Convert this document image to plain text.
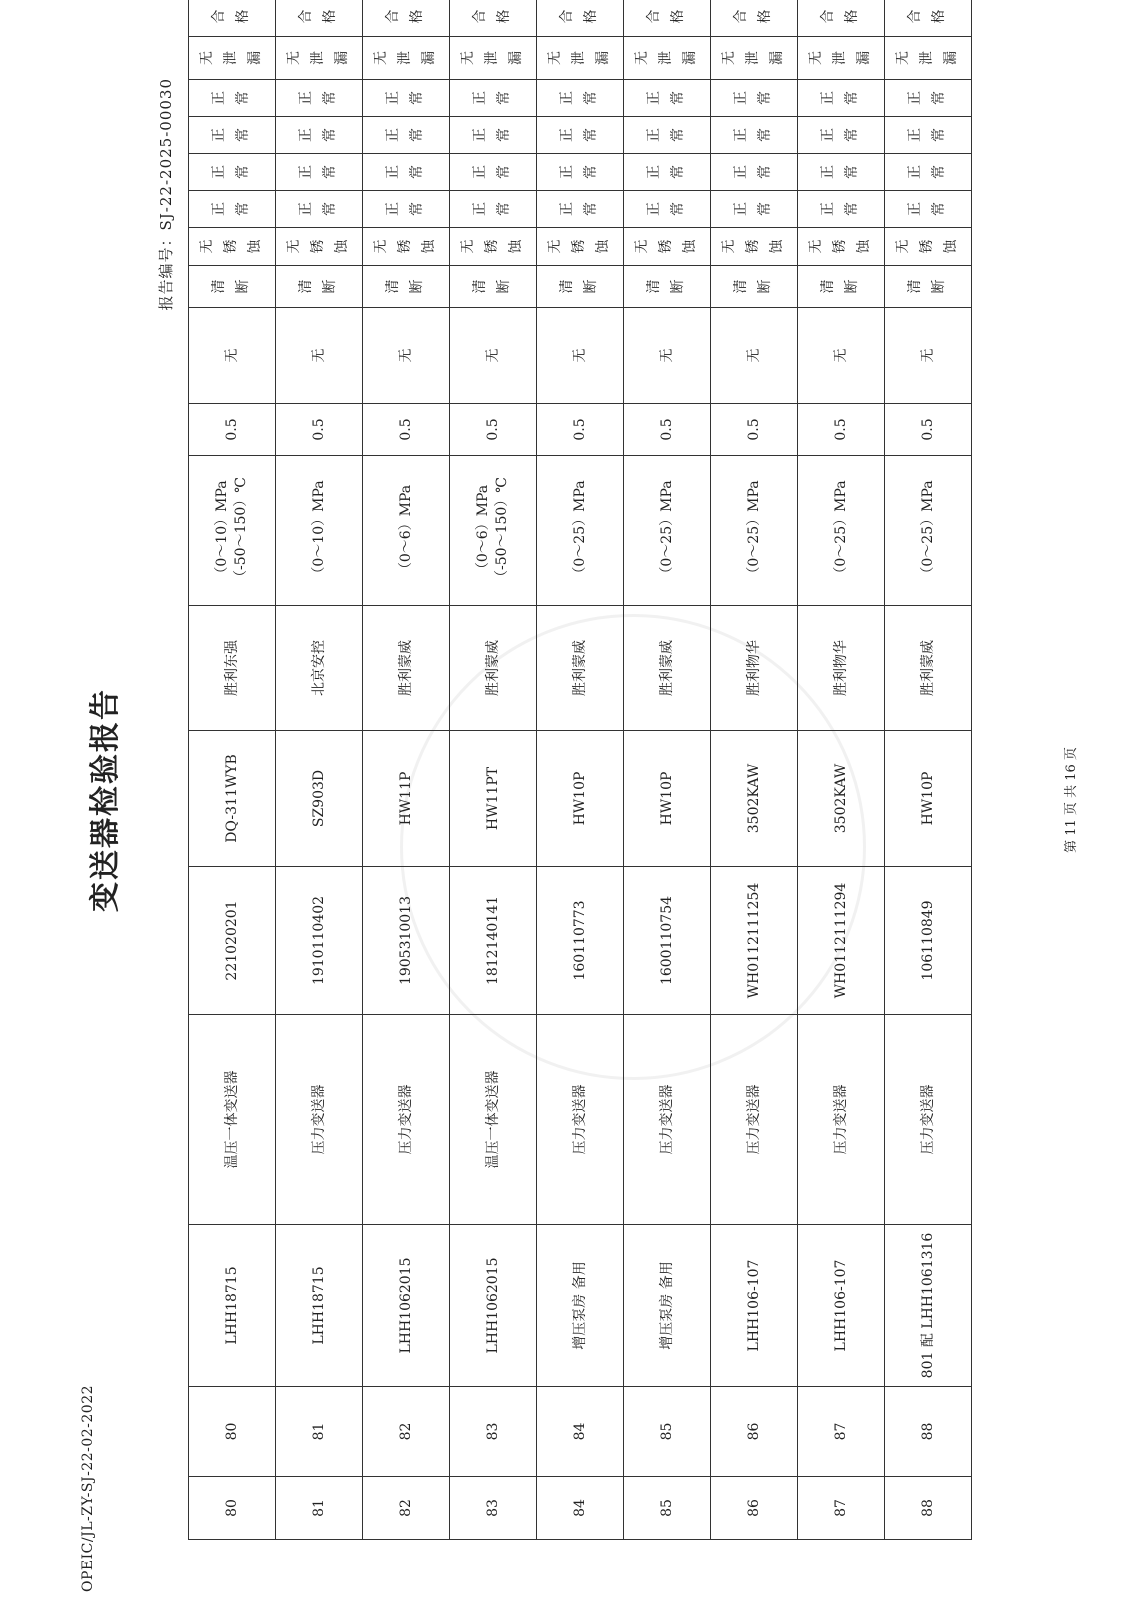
OPEIC/JL-ZY-SJ-22-02-2022
变送器检验报告
报告编号：SJ-22-2025-00030
80	80	LHH18715	温压一体变送器	221020201	DQ-311WYB	胜利东强	（0～10）MPa （-50～150）℃	0.5	无	清断	无锈蚀	正常	正常	正常	正常	无泄漏	合格
81	81	LHH18715	压力变送器	1910110402	SZ903D	北京安控	（0～10）MPa	0.5	无	清断	无锈蚀	正常	正常	正常	正常	无泄漏	合格
82	82	LHH1062015	压力变送器	1905310013	HW11P	胜利蒙威	（0～6）MPa	0.5	无	清断	无锈蚀	正常	正常	正常	正常	无泄漏	合格
83	83	LHH1062015	温压一体变送器	1812140141	HW11PT	胜利蒙威	（0～6）MPa （-50～150）℃	0.5	无	清断	无锈蚀	正常	正常	正常	正常	无泄漏	合格
84	84	增压泵房 备用	压力变送器	160110773	HW10P	胜利蒙威	（0～25）MPa	0.5	无	清断	无锈蚀	正常	正常	正常	正常	无泄漏	合格
85	85	增压泵房 备用	压力变送器	1600110754	HW10P	胜利蒙威	（0～25）MPa	0.5	无	清断	无锈蚀	正常	正常	正常	正常	无泄漏	合格
86	86	LHH106-107	压力变送器	WH0112111254	3502KAW	胜利物华	（0～25）MPa	0.5	无	清断	无锈蚀	正常	正常	正常	正常	无泄漏	合格
87	87	LHH106-107	压力变送器	WH0112111294	3502KAW	胜利物华	（0～25）MPa	0.5	无	清断	无锈蚀	正常	正常	正常	正常	无泄漏	合格
88	88	801 配 LHH1061316	压力变送器	106110849	HW10P	胜利蒙威	（0～25）MPa	0.5	无	清断	无锈蚀	正常	正常	正常	正常	无泄漏	合格
第 11 页 共 16 页
